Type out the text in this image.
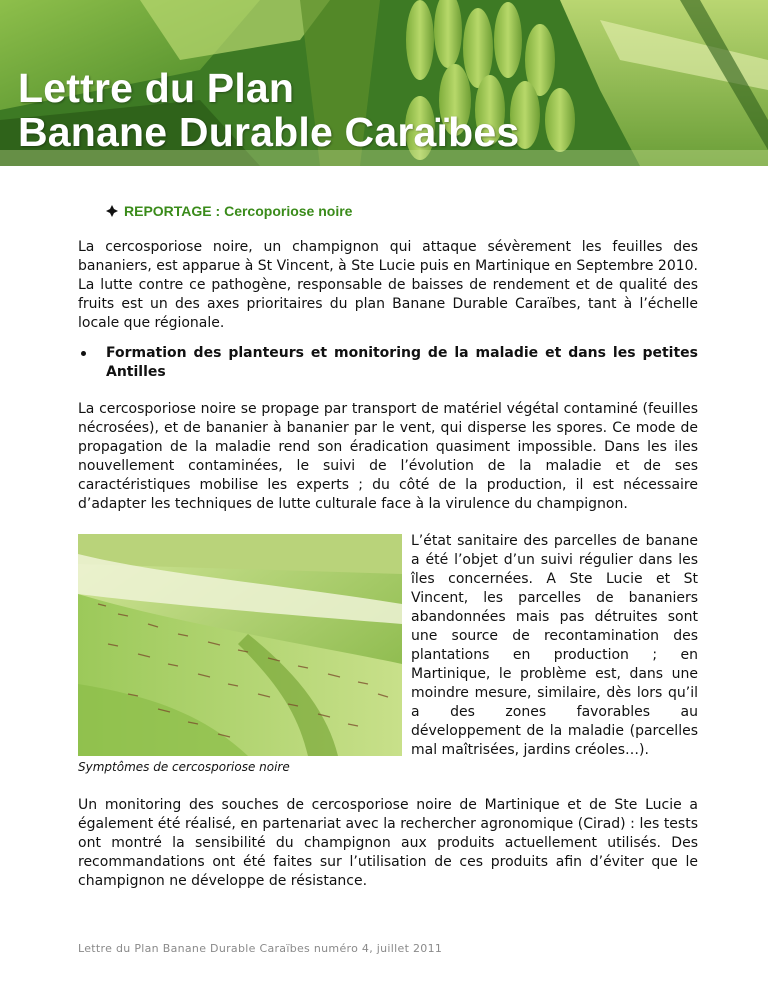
Lettre du Plan
Banane Durable Caraïbes
REPORTAGE : Cercoporiose noire

La cercosporiose noire, un champignon qui attaque sévèrement les feuilles des bananiers, est apparue à St Vincent, à Ste Lucie puis en Martinique en Septembre 2010. La lutte contre ce pathogène, responsable de baisses de rendement et de qualité des fruits est un des axes prioritaires du plan Banane Durable Caraïbes, tant à l’échelle locale que régionale.

Formation des planteurs et monitoring de la maladie et dans les petites Antilles

La cercosporiose noire se propage par transport de matériel végétal contaminé (feuilles nécrosées), et de bananier à bananier par le vent, qui disperse les spores. Ce mode de propagation de la maladie rend son éradication quasiment impossible. Dans les iles nouvellement contaminées, le suivi de l’évolution de la maladie et de ses caractéristiques mobilise les experts ; du côté de la production, il est nécessaire d’adapter les techniques de lutte culturale face à la virulence du champignon.

Symptômes de cercosporiose noire

L’état sanitaire des parcelles de banane a été l’objet d’un suivi régulier dans les îles concernées. A Ste Lucie et St Vincent, les parcelles de bananiers abandonnées mais pas détruites sont une source de recontamination des plantations en production ; en Martinique, le problème est, dans une moindre mesure, similaire, dès lors qu’il a des zones favorables au développement de la maladie (parcelles mal maîtrisées, jardins créoles…).

Un monitoring des souches de cercosporiose noire de Martinique et de Ste Lucie a également été réalisé, en partenariat avec la rechercher agronomique (Cirad) : les tests ont montré la sensibilité du champignon aux produits actuellement utilisés. Des recommandations ont été faites sur l’utilisation de ces produits afin d’éviter que le champignon ne développe de résistance.

Lettre du Plan Banane Durable Caraïbes numéro 4, juillet 2011
